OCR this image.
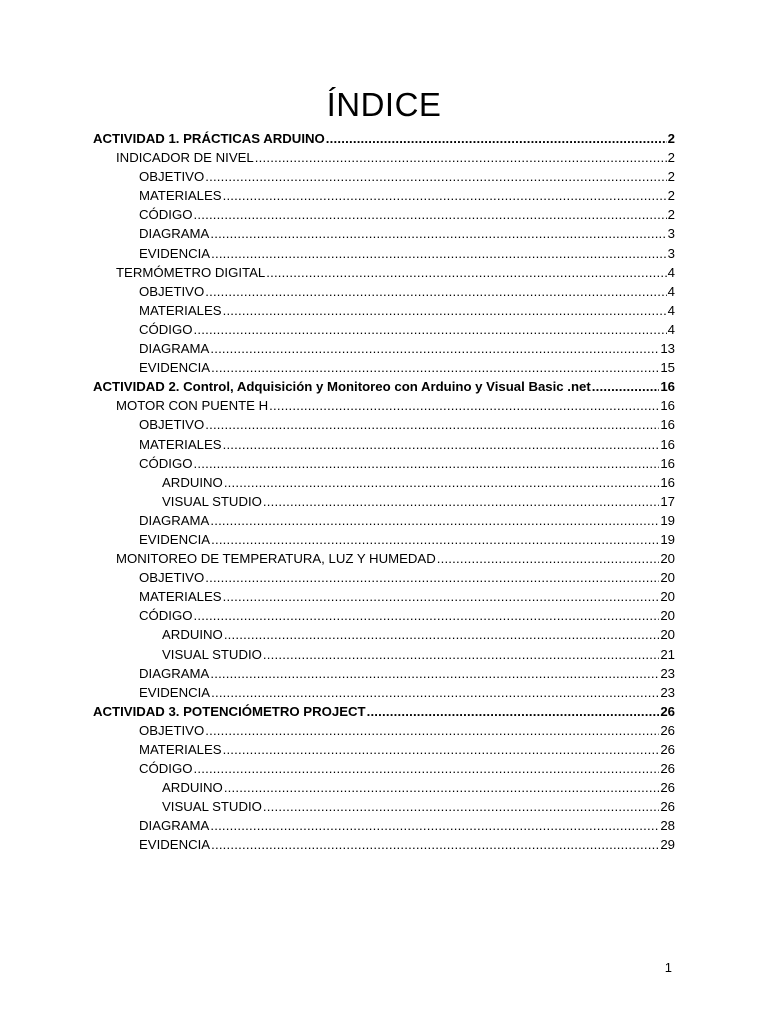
ÍNDICE
ACTIVIDAD 1. PRÁCTICAS ARDUINO .....	2
INDICADOR DE NIVEL .....	2
OBJETIVO .....	2
MATERIALES .....	2
CÓDIGO .....	2
DIAGRAMA .....	3
EVIDENCIA .....	3
TERMÓMETRO DIGITAL .....	4
OBJETIVO .....	4
MATERIALES .....	4
CÓDIGO .....	4
DIAGRAMA .....	13
EVIDENCIA .....	15
ACTIVIDAD 2. Control, Adquisición y Monitoreo con Arduino y Visual Basic .net .....	16
MOTOR CON PUENTE H .....	16
OBJETIVO .....	16
MATERIALES .....	16
CÓDIGO .....	16
ARDUINO .....	16
VISUAL STUDIO .....	17
DIAGRAMA .....	19
EVIDENCIA .....	19
MONITOREO DE TEMPERATURA, LUZ Y HUMEDAD .....	20
OBJETIVO .....	20
MATERIALES .....	20
CÓDIGO .....	20
ARDUINO .....	20
VISUAL STUDIO .....	21
DIAGRAMA .....	23
EVIDENCIA .....	23
ACTIVIDAD 3. POTENCIÓMETRO PROJECT .....	26
OBJETIVO .....	26
MATERIALES .....	26
CÓDIGO .....	26
ARDUINO .....	26
VISUAL STUDIO .....	26
DIAGRAMA .....	28
EVIDENCIA .....	29
1
